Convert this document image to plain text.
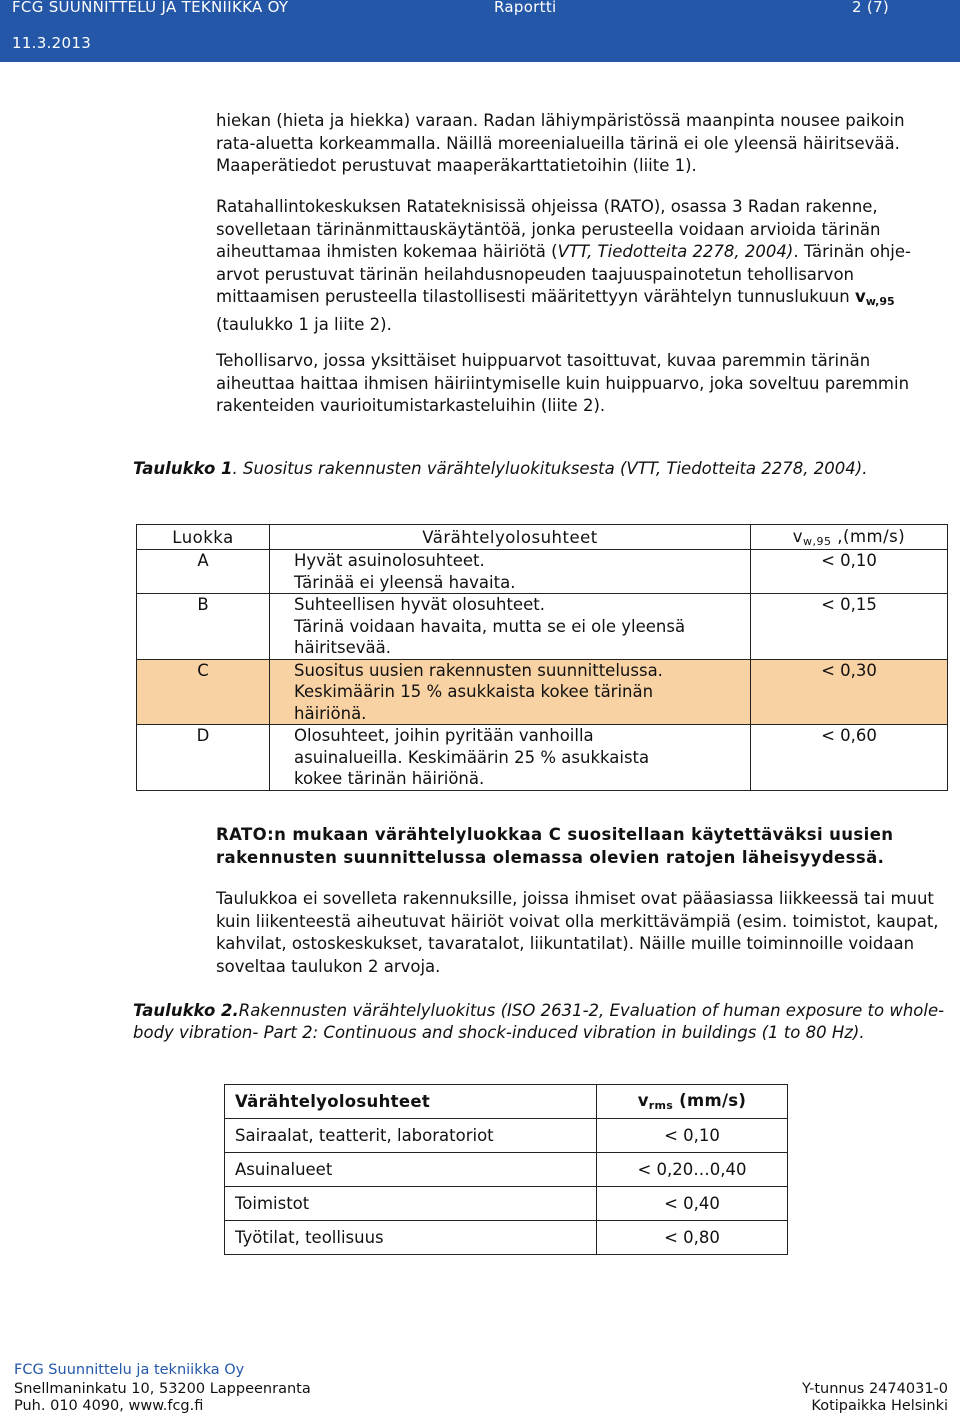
FCG SUUNNITTELU JA TEKNIIKKA OY	Raportti	2 (7)
11.3.2013
hiekan (hieta ja hiekka) varaan. Radan lähiympäristössä maanpinta nousee paikoin rata-aluetta korkeammalla. Näillä moreenialueilla tärinä ei ole yleensä häiritsevää. Maaperätiedot perustuvat maaperäkarttatietoihin (liite 1).
Ratahallintokeskuksen Ratateknisissä ohjeissa (RATO), osassa 3 Radan rakenne, sovelletaan tärinänmittauskäytäntöä, jonka perusteella voidaan arvioida tärinän aiheuttamaa ihmisten kokemaa häiriötä (VTT, Tiedotteita 2278, 2004). Tärinän ohje-arvot perustuvat tärinän heilahdusnopeuden taajuuspainotetun tehollisarvon mittaamisen perusteella tilastollisesti määritettyyn värähtelyn tunnuslukuun $v_{w,95}$ (taulukko 1 ja liite 2).
Tehollisarvo, jossa yksittäiset huippuarvot tasoittuvat, kuvaa paremmin tärinän aiheuttaa haittaa ihmisen häiriintymiselle kuin huippuarvo, joka soveltuu paremmin rakenteiden vaurioitumistarkasteluihin (liite 2).
Taulukko 1. Suositus rakennusten värähtelyluokituksesta (VTT, Tiedotteita 2278, 2004).
Luokka	Värähtelyolosuhteet	$v_{w,95}$ ,(mm/s)
A	Hyvät asuinolosuhteet.
Tärinää ei yleensä havaita.	< 0,10
B	Suhteellisen hyvät olosuhteet.
Tärinä voidaan havaita, mutta se ei ole yleensä
häiritsevää.	< 0,15
C	Suositus uusien rakennusten suunnittelussa.
Keskimäärin 15 % asukkaista kokee tärinän
häiriönä.	< 0,30
D	Olosuhteet, joihin pyritään vanhoilla
asuinalueilla. Keskimäärin 25 % asukkaista
kokee tärinän häiriönä.	< 0,60
RATO:n mukaan värähtelyluokkaa C suositellaan käytettäväksi uusien rakennusten suunnittelussa olemassa olevien ratojen läheisyydessä.
Taulukkoa ei sovelleta rakennuksille, joissa ihmiset ovat pääasiassa liikkeessä tai muut kuin liikenteestä aiheutuvat häiriöt voivat olla merkittävämpiä (esim. toimistot, kaupat, kahvilat, ostoskeskukset, tavaratalot, liikuntatilat). Näille muille toiminnoille voidaan soveltaa taulukon 2 arvoja.
Taulukko 2.Rakennusten värähtelyluokitus (ISO 2631-2, Evaluation of human exposure to whole-body vibration- Part 2: Continuous and shock-induced vibration in buildings (1 to 80 Hz).
Värähtelyolosuhteet	$v_{rms}$ (mm/s)
Sairaalat, teatterit, laboratoriot	< 0,10
Asuinalueet	< 0,20…0,40
Toimistot	< 0,40
Työtilat, teollisuus	< 0,80
FCG Suunnittelu ja tekniikka Oy
Snellmaninkatu 10, 53200 Lappeenranta
Puh. 010 4090, www.fcg.fi
Y-tunnus 2474031-0
Kotipaikka Helsinki
